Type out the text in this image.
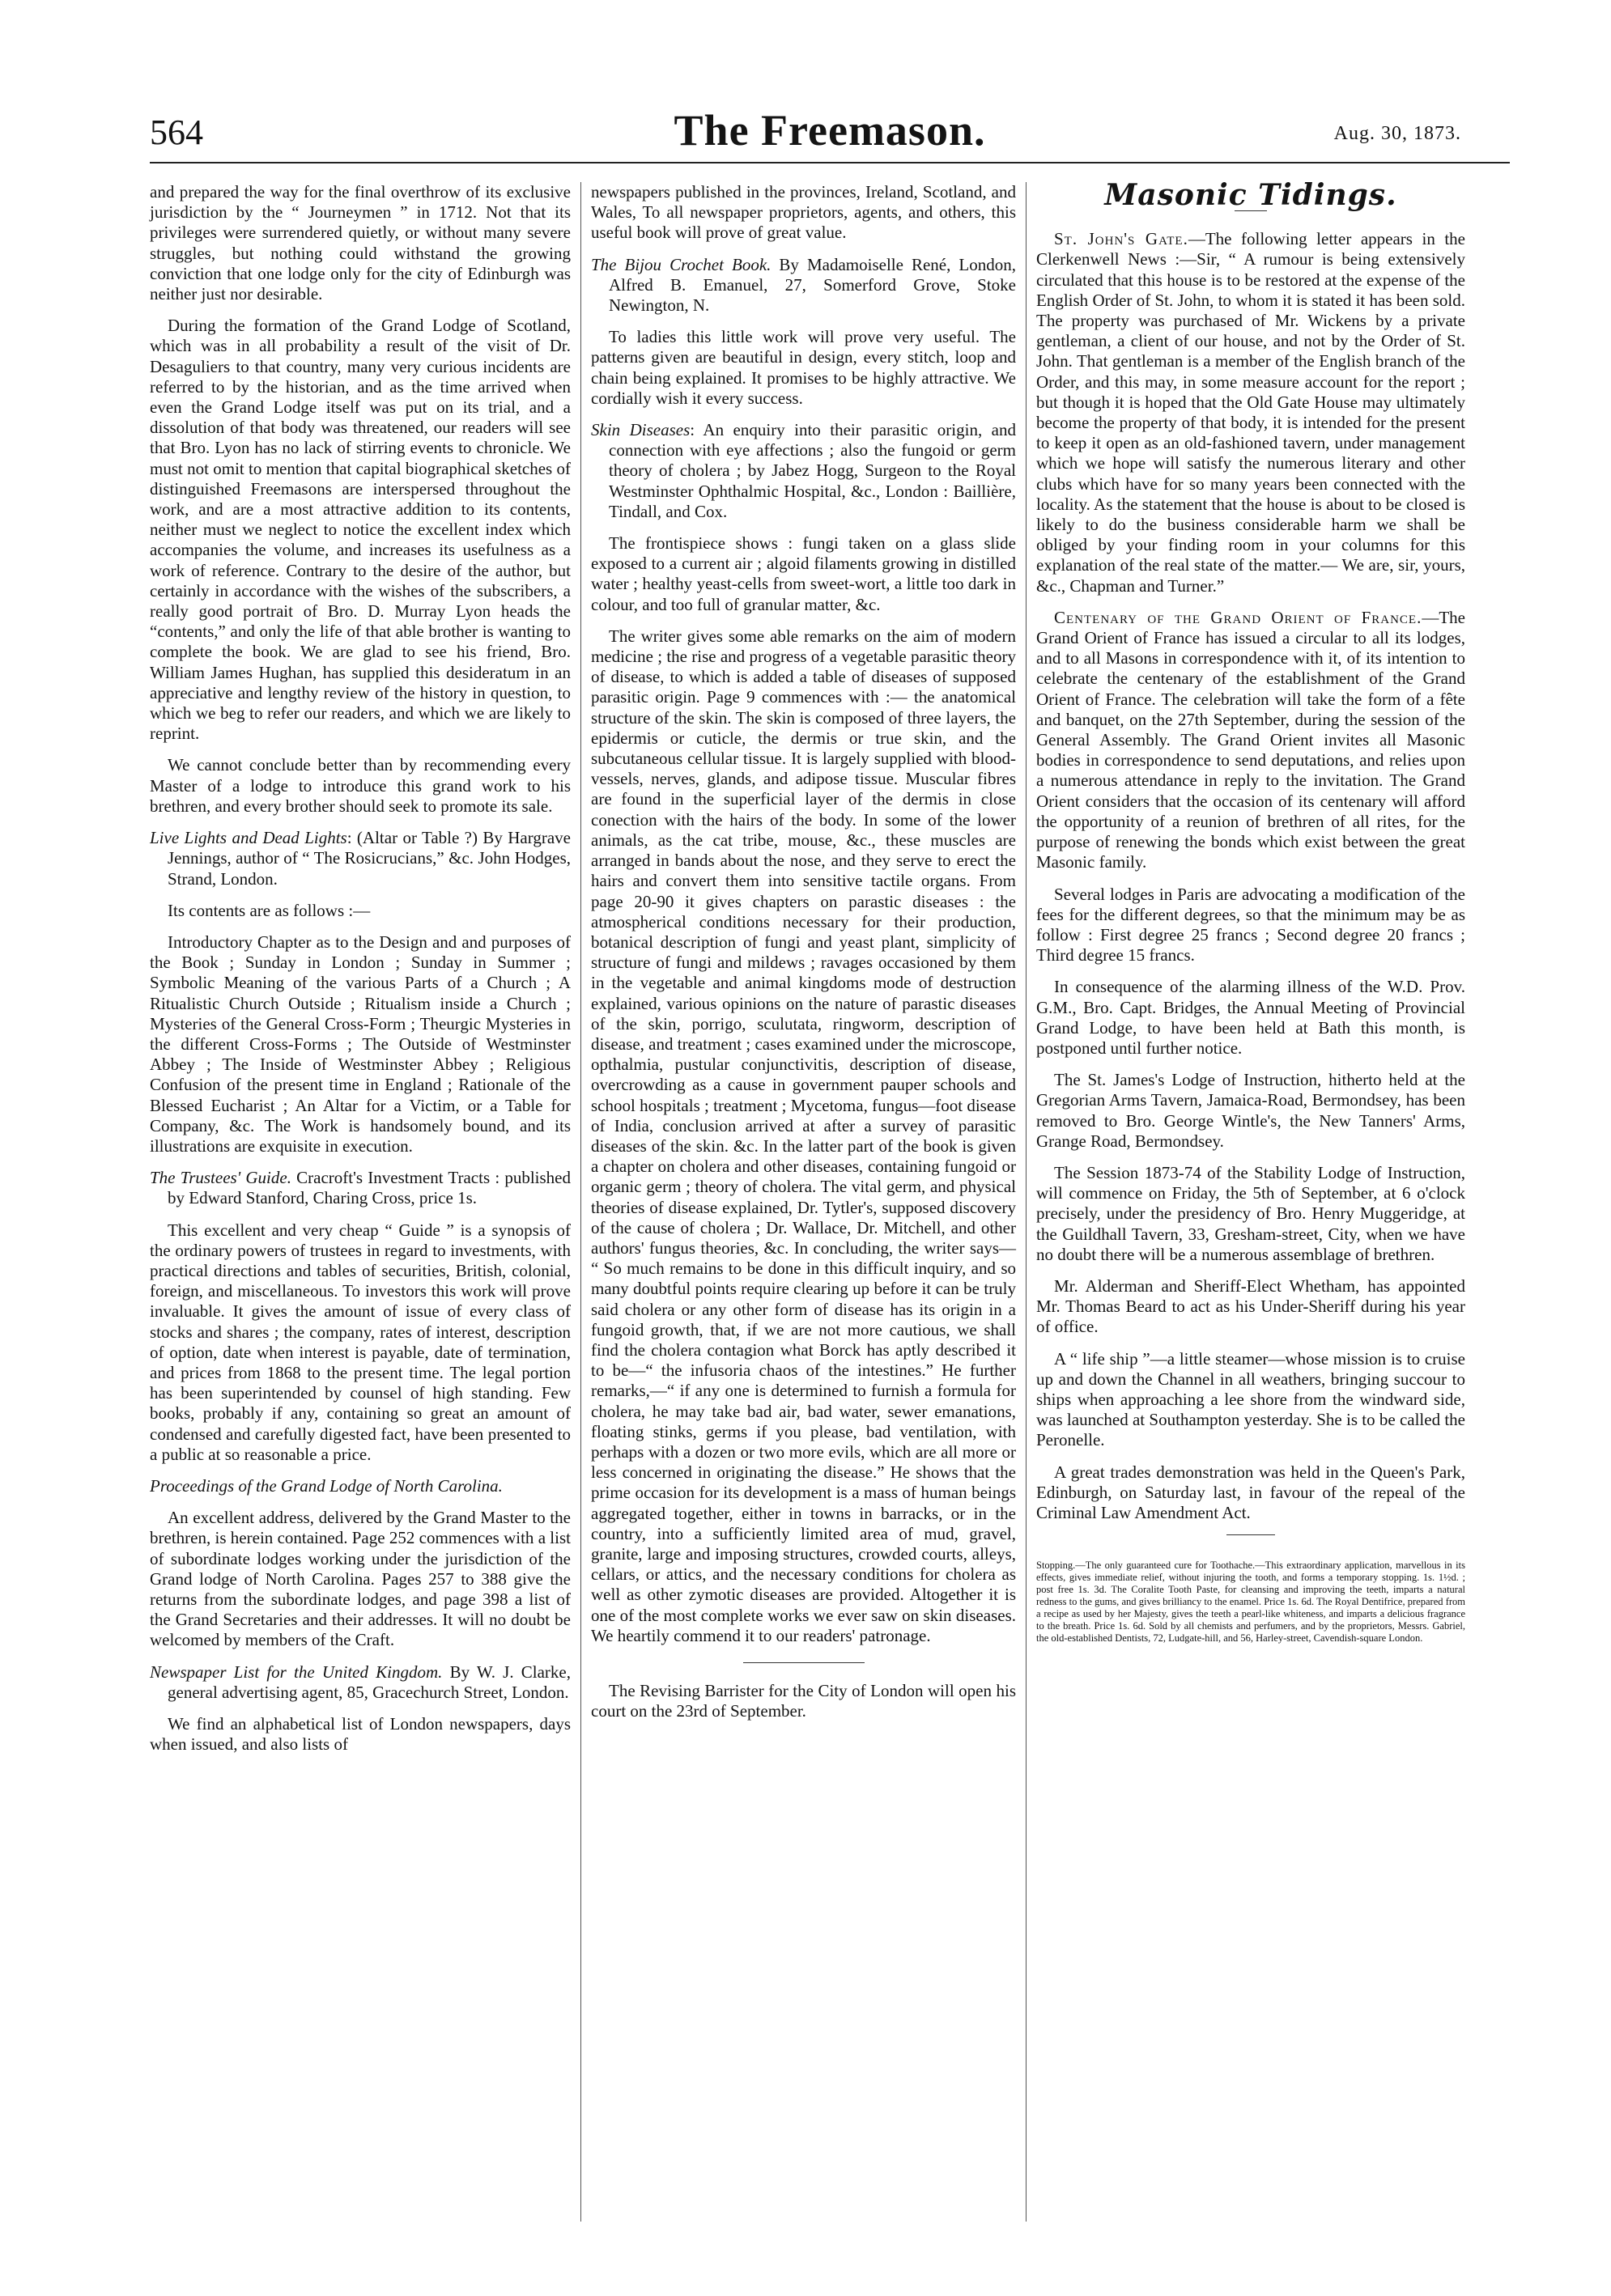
564	The Freemason.	Aug. 30, 1873.

and prepared the way for the final overthrow of its exclusive jurisdiction by the “ Journeymen ” in 1712. Not that its privileges were surrendered quietly, or without many severe struggles, but nothing could withstand the growing conviction that one lodge only for the city of Edinburgh was neither just nor desirable.

During the formation of the Grand Lodge of Scotland, which was in all probability a result of the visit of Dr. Desaguliers to that country, many very curious incidents are referred to by the historian, and as the time arrived when even the Grand Lodge itself was put on its trial, and a dissolution of that body was threatened, our readers will see that Bro. Lyon has no lack of stirring events to chronicle. We must not omit to mention that capital biographical sketches of distinguished Freemasons are interspersed throughout the work, and are a most attractive addition to its contents, neither must we neglect to notice the excellent index which accompanies the volume, and increases its usefulness as a work of reference. Contrary to the desire of the author, but certainly in accordance with the wishes of the subscribers, a really good portrait of Bro. D. Murray Lyon heads the “contents,” and only the life of that able brother is wanting to complete the book. We are glad to see his friend, Bro. William James Hughan, has supplied this desideratum in an appreciative and lengthy review of the history in question, to which we beg to refer our readers, and which we are likely to reprint.

We cannot conclude better than by recommending every Master of a lodge to introduce this grand work to his brethren, and every brother should seek to promote its sale.

Live Lights and Dead Lights: (Altar or Table ?) By Hargrave Jennings, author of “ The Rosicrucians,” &c. John Hodges, Strand, London.

Its contents are as follows :—

Introductory Chapter as to the Design and and purposes of the Book ; Sunday in London ; Sunday in Summer ; Symbolic Meaning of the various Parts of a Church ; A Ritualistic Church Outside ; Ritualism inside a Church ; Mysteries of the General Cross-Form ; Theurgic Mysteries in the different Cross-Forms ; The Outside of Westminster Abbey ; The Inside of Westminster Abbey ; Religious Confusion of the present time in England ; Rationale of the Blessed Eucharist ; An Altar for a Victim, or a Table for Company, &c. The Work is handsomely bound, and its illustrations are exquisite in execution.

The Trustees' Guide. Cracroft's Investment Tracts : published by Edward Stanford, Charing Cross, price 1s.

This excellent and very cheap “ Guide ” is a synopsis of the ordinary powers of trustees in regard to investments, with practical directions and tables of securities, British, colonial, foreign, and miscellaneous. To investors this work will prove invaluable. It gives the amount of issue of every class of stocks and shares ; the company, rates of interest, description of option, date when interest is payable, date of termination, and prices from 1868 to the present time. The legal portion has been superintended by counsel of high standing. Few books, probably if any, containing so great an amount of condensed and carefully digested fact, have been presented to a public at so reasonable a price.

Proceedings of the Grand Lodge of North Carolina.

An excellent address, delivered by the Grand Master to the brethren, is herein contained. Page 252 commences with a list of subordinate lodges working under the jurisdiction of the Grand lodge of North Carolina. Pages 257 to 388 give the returns from the subordinate lodges, and page 398 a list of the Grand Secretaries and their addresses. It will no doubt be welcomed by members of the Craft.

Newspaper List for the United Kingdom. By W. J. Clarke, general advertising agent, 85, Gracechurch Street, London.

We find an alphabetical list of London newspapers, days when issued, and also lists of

newspapers published in the provinces, Ireland, Scotland, and Wales, To all newspaper proprietors, agents, and others, this useful book will prove of great value.

The Bijou Crochet Book. By Madamoiselle René, London, Alfred B. Emanuel, 27, Somerford Grove, Stoke Newington, N.

To ladies this little work will prove very useful. The patterns given are beautiful in design, every stitch, loop and chain being explained. It promises to be highly attractive. We cordially wish it every success.

Skin Diseases: An enquiry into their parasitic origin, and connection with eye affections ; also the fungoid or germ theory of cholera ; by Jabez Hogg, Surgeon to the Royal Westminster Ophthalmic Hospital, &c., London : Baillière, Tindall, and Cox.

The frontispiece shows : fungi taken on a glass slide exposed to a current air ; algoid filaments growing in distilled water ; healthy yeast-cells from sweet-wort, a little too dark in colour, and too full of granular matter, &c.

The writer gives some able remarks on the aim of modern medicine ; the rise and progress of a vegetable parasitic theory of disease, to which is added a table of diseases of supposed parasitic origin. Page 9 commences with :— the anatomical structure of the skin. The skin is composed of three layers, the epidermis or cuticle, the dermis or true skin, and the subcutaneous cellular tissue. It is largely supplied with blood-vessels, nerves, glands, and adipose tissue. Muscular fibres are found in the superficial layer of the dermis in close conection with the hairs of the body. In some of the lower animals, as the cat tribe, mouse, &c., these muscles are arranged in bands about the nose, and they serve to erect the hairs and convert them into sensitive tactile organs. From page 20-90 it gives chapters on parastic diseases : the atmospherical conditions necessary for their production, botanical description of fungi and yeast plant, simplicity of structure of fungi and mildews ; ravages occasioned by them in the vegetable and animal kingdoms mode of destruction explained, various opinions on the nature of parastic diseases of the skin, porrigo, sculutata, ringworm, description of disease, and treatment ; cases examined under the microscope, opthalmia, pustular conjunctivitis, description of disease, overcrowding as a cause in government pauper schools and school hospitals ; treatment ; Mycetoma, fungus—foot disease of India, conclusion arrived at after a survey of parasitic diseases of the skin. &c. In the latter part of the book is given a chapter on cholera and other diseases, containing fungoid or organic germ ; theory of cholera. The vital germ, and physical theories of disease explained, Dr. Tytler's, supposed discovery of the cause of cholera ; Dr. Wallace, Dr. Mitchell, and other authors' fungus theories, &c. In concluding, the writer says— “ So much remains to be done in this difficult inquiry, and so many doubtful points require clearing up before it can be truly said cholera or any other form of disease has its origin in a fungoid growth, that, if we are not more cautious, we shall find the cholera contagion what Borck has aptly described it to be—“ the infusoria chaos of the intestines.” He further remarks,—“ if any one is determined to furnish a formula for cholera, he may take bad air, bad water, sewer emanations, floating stinks, germs if you please, bad ventilation, with perhaps with a dozen or two more evils, which are all more or less concerned in originating the disease.” He shows that the prime occasion for its development is a mass of human beings aggregated together, either in towns in barracks, or in the country, into a sufficiently limited area of mud, gravel, granite, large and imposing structures, crowded courts, alleys, cellars, or attics, and the necessary conditions for cholera as well as other zymotic diseases are provided. Altogether it is one of the most complete works we ever saw on skin diseases. We heartily commend it to our readers' patronage.

The Revising Barrister for the City of London will open his court on the 23rd of September.

Masonic Tidings.

St. John's Gate.—The following letter appears in the Clerkenwell News :—Sir, “ A rumour is being extensively circulated that this house is to be restored at the expense of the English Order of St. John, to whom it is stated it has been sold. The property was purchased of Mr. Wickens by a private gentleman, a client of our house, and not by the Order of St. John. That gentleman is a member of the English branch of the Order, and this may, in some measure account for the report ; but though it is hoped that the Old Gate House may ultimately become the property of that body, it is intended for the present to keep it open as an old-fashioned tavern, under management which we hope will satisfy the numerous literary and other clubs which have for so many years been connected with the locality. As the statement that the house is about to be closed is likely to do the business considerable harm we shall be obliged by your finding room in your columns for this explanation of the real state of the matter.— We are, sir, yours, &c., Chapman and Turner.”

Centenary of the Grand Orient of France.—The Grand Orient of France has issued a circular to all its lodges, and to all Masons in correspondence with it, of its intention to celebrate the centenary of the establishment of the Grand Orient of France. The celebration will take the form of a fête and banquet, on the 27th September, during the session of the General Assembly. The Grand Orient invites all Masonic bodies in correspondence to send deputations, and relies upon a numerous attendance in reply to the invitation. The Grand Orient considers that the occasion of its centenary will afford the opportunity of a reunion of brethren of all rites, for the purpose of renewing the bonds which exist between the great Masonic family.

Several lodges in Paris are advocating a modification of the fees for the different degrees, so that the minimum may be as follow : First degree 25 francs ; Second degree 20 francs ; Third degree 15 francs.

In consequence of the alarming illness of the W.D. Prov. G.M., Bro. Capt. Bridges, the Annual Meeting of Provincial Grand Lodge, to have been held at Bath this month, is postponed until further notice.

The St. James's Lodge of Instruction, hitherto held at the Gregorian Arms Tavern, Jamaica-Road, Bermondsey, has been removed to Bro. George Wintle's, the New Tanners' Arms, Grange Road, Bermondsey.

The Session 1873-74 of the Stability Lodge of Instruction, will commence on Friday, the 5th of September, at 6 o'clock precisely, under the presidency of Bro. Henry Muggeridge, at the Guildhall Tavern, 33, Gresham-street, City, when we have no doubt there will be a numerous assemblage of brethren.

Mr. Alderman and Sheriff-Elect Whetham, has appointed Mr. Thomas Beard to act as his Under-Sheriff during his year of office.

A “ life ship ”—a little steamer—whose mission is to cruise up and down the Channel in all weathers, bringing succour to ships when approaching a lee shore from the windward side, was launched at Southampton yesterday. She is to be called the Peronelle.

A great trades demonstration was held in the Queen's Park, Edinburgh, on Saturday last, in favour of the repeal of the Criminal Law Amendment Act.

Stopping.—The only guaranteed cure for Toothache.—This extraordinary application, marvellous in its effects, gives immediate relief, without injuring the tooth, and forms a temporary stopping. 1s. 1½d. ; post free 1s. 3d. The Coralite Tooth Paste, for cleansing and improving the teeth, imparts a natural redness to the gums, and gives brilliancy to the enamel. Price 1s. 6d. The Royal Dentifrice, prepared from a recipe as used by her Majesty, gives the teeth a pearl-like whiteness, and imparts a delicious fragrance to the breath. Price 1s. 6d. Sold by all chemists and perfumers, and by the proprietors, Messrs. Gabriel, the old-established Dentists, 72, Ludgate-hill, and 56, Harley-street, Cavendish-square London.
